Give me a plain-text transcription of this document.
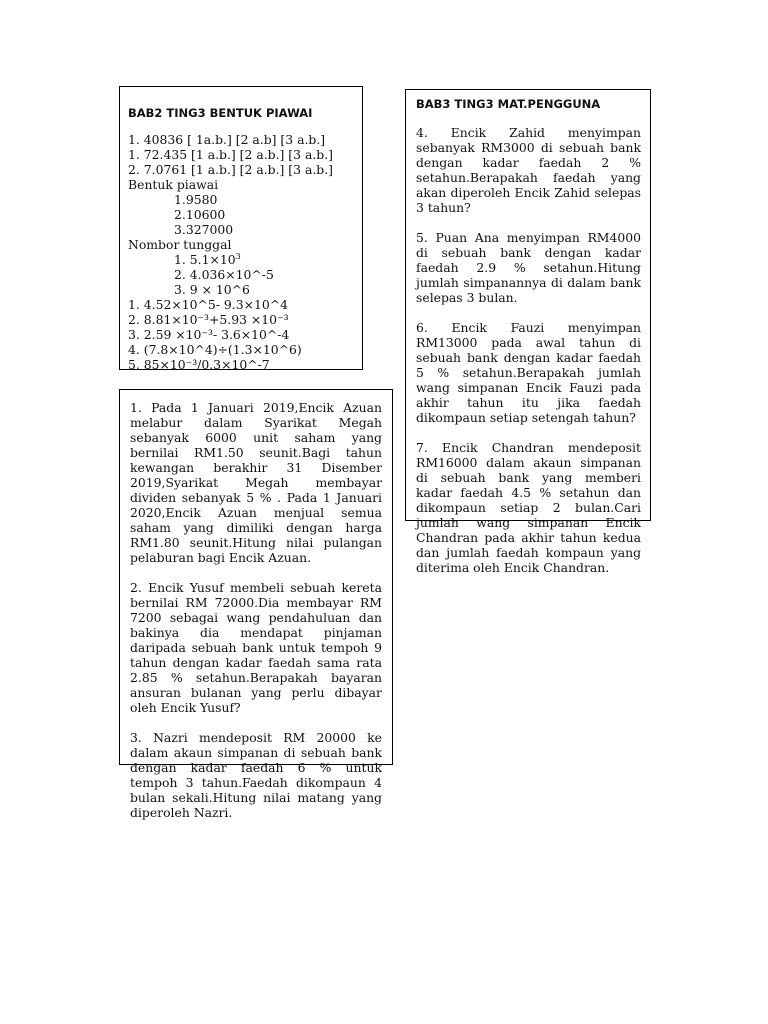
BAB2 TING3 BENTUK PIAWAI

1. 40836 [ 1a.b.] [2 a.b] [3 a.b.]

1. 72.435 [1 a.b.] [2 a.b.] [3 a.b.]

2. 7.0761 [1 a.b.] [2 a.b.] [3 a.b.]

Bentuk piawai

1.9580

2.10600

3.327000

Nombor tunggal

1. $5.1\times 10^3$

2. 4.036×10^-5

3. 9 × 10^6

1. 4.52×10^5- 9.3×10^4

2. 8.81×10⁻³+5.93 ×10⁻³

3. 2.59 ×10⁻³- 3.6×10^-4

4. (7.8×10^4)÷(1.3×10^6)

5. 85×10⁻³/0.3×10^-7

1. Pada 1 Januari 2019,Encik Azuan melabur dalam Syarikat Megah sebanyak 6000 unit saham yang bernilai RM1.50 seunit.Bagi tahun kewangan berakhir 31 Disember 2019,Syarikat Megah membayar dividen sebanyak 5 % . Pada 1 Januari 2020,Encik Azuan menjual semua saham yang dimiliki dengan harga RM1.80 seunit.Hitung nilai pulangan pelaburan bagi Encik Azuan.

2. Encik Yusuf membeli sebuah kereta bernilai RM 72000.Dia membayar RM 7200 sebagai wang pendahuluan dan bakinya dia mendapat pinjaman daripada sebuah bank untuk tempoh 9 tahun dengan kadar faedah sama rata 2.85 % setahun.Berapakah bayaran ansuran bulanan yang perlu dibayar oleh Encik Yusuf?

3. Nazri mendeposit RM 20000 ke dalam akaun simpanan di sebuah bank dengan kadar faedah 6 % untuk tempoh 3 tahun.Faedah dikompaun 4 bulan sekali.Hitung nilai matang yang diperoleh Nazri.

BAB3 TING3 MAT.PENGGUNA

4. Encik Zahid menyimpan sebanyak RM3000 di sebuah bank dengan kadar faedah 2 % setahun.Berapakah faedah yang akan diperoleh Encik Zahid selepas 3 tahun?

5. Puan Ana menyimpan RM4000 di sebuah bank dengan kadar faedah 2.9 % setahun.Hitung jumlah simpanannya di dalam bank selepas 3 bulan.

6. Encik Fauzi menyimpan RM13000 pada awal tahun di sebuah bank dengan kadar faedah 5 % setahun.Berapakah jumlah wang simpanan Encik Fauzi pada akhir tahun itu jika faedah dikompaun setiap setengah tahun?

7. Encik Chandran mendeposit RM16000 dalam akaun simpanan di sebuah bank yang memberi kadar faedah 4.5 % setahun dan dikompaun setiap 2 bulan.Cari jumlah wang simpanan Encik Chandran pada akhir tahun kedua dan jumlah faedah kompaun yang diterima oleh Encik Chandran.
